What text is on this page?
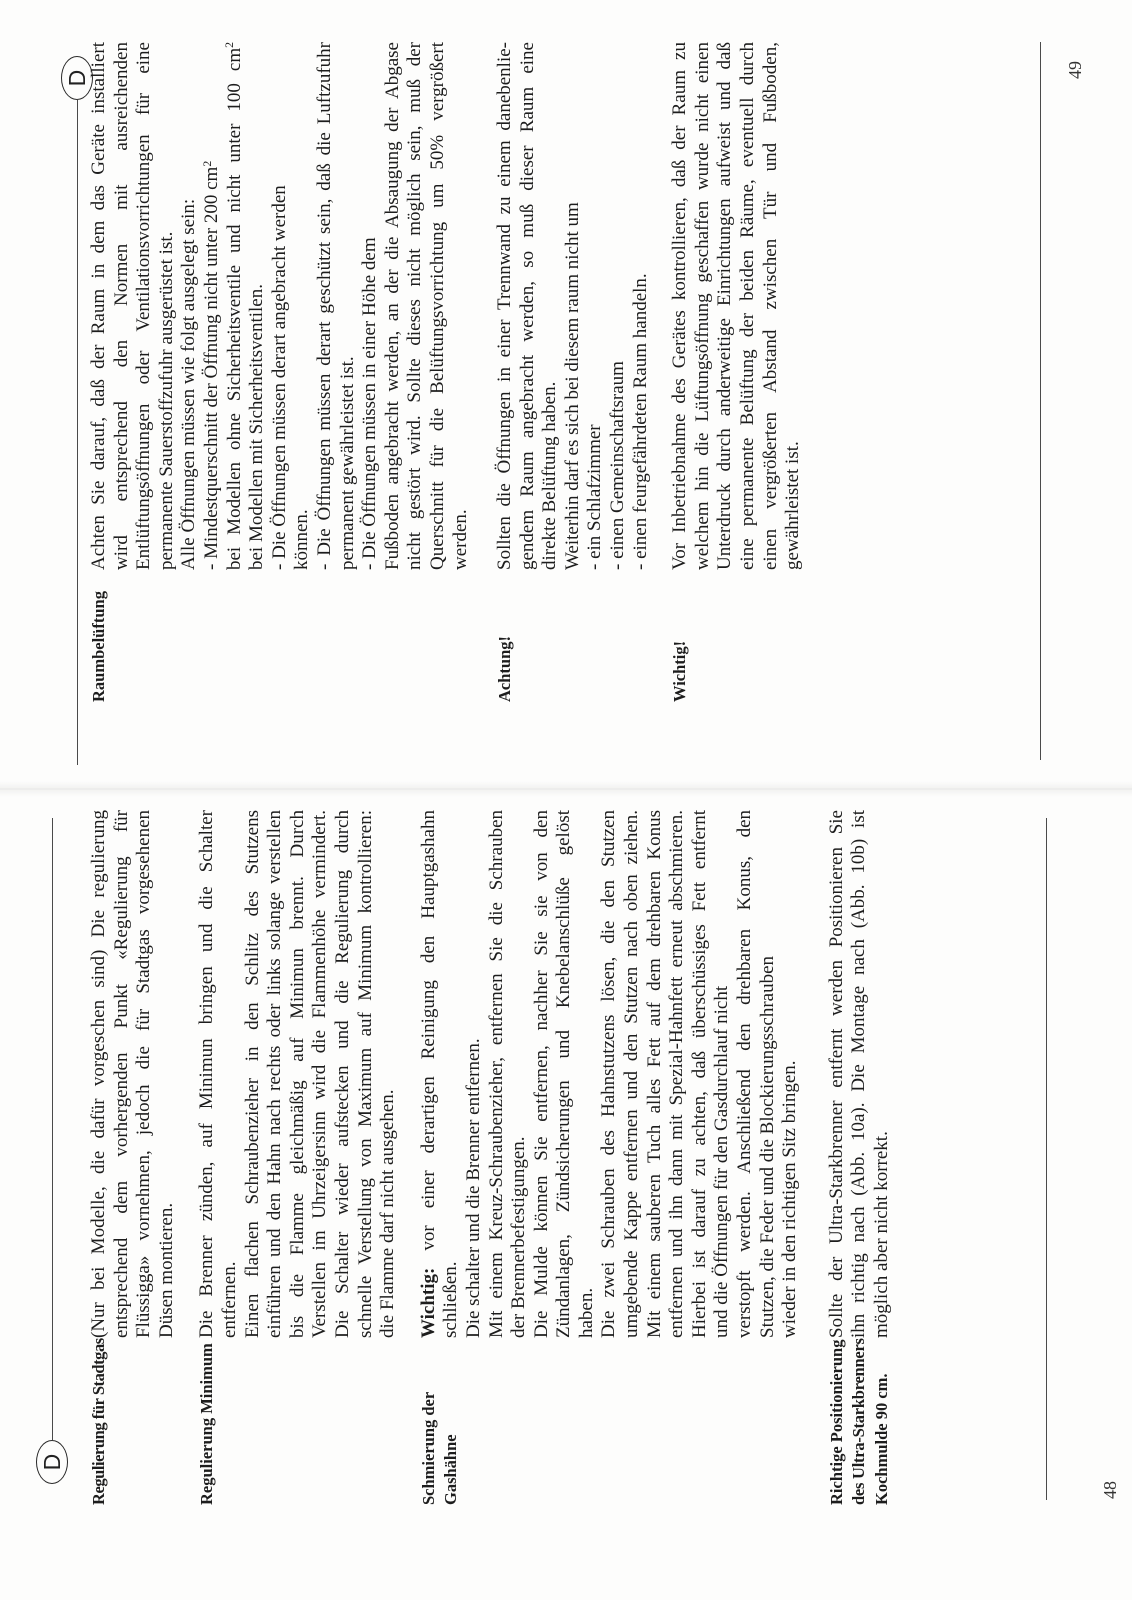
D Regulierung für Stadtgas
(Nur bei Modelle, die dafür vorgeschen sind) Die regulierung entsprechend dem vorhergenden Punkt «Regulierung für Flüssigga» vornehmen, jedoch die für Stadtgas vorgesehenen Düsen montieren.
Regulierung Minimum
Die Brenner zünden, auf Minimun bringen und die Schalter entfernen. Einen flachen Schraubenzieher in den Schlitz des Stutzens einführen und den Hahn nach rechts oder links solange verstellen bis die Flamme gleichmäßig auf Minimun brennt. Durch Verstellen im Uhrzeigersinn wird die Flammenhöhe vermindert. Die Schalter wieder aufstecken und die Regulierung durch schnelle Verstellung von Maximum auf Minimum kontrollieren: die Flamme darf nicht ausgehen.
Schmierung der Gashähne
Wichtig: vor einer derartigen Reinigung den Hauptgashahn
schließen. Die schalter und die Brenner entfernen. Mit einem Kreuz-Schraubenzieher, entfernen Sie die Schrauben der Brennerbefestigungen. Die Mulde können Sie entfernen, nachher Sie sie von den Zündanlagen, Zündsicherungen und Knebelanschlüße gelöst haben. Die zwei Schrauben des Hahnstutzens lösen, die den Stutzen umgebende Kappe entfernen und den Stutzen nach oben ziehen. Mit einem sauberen Tuch alles Fett auf dem drehbaren Konus entfernen und ihn dann mit Spezial-Hahnfett erneut abschmieren. Hierbei ist darauf zu achten, daß überschüssiges Fett entfernt und die Öffnungen für den Gasdurchlauf nicht verstopft werden. Anschließend den drehbaren Konus, den Stutzen, die Feder und die Blockierungsschrauben wieder in den richtigen Sitz bringen.
Richtige Positionierung des Ultra-Starkbrenners Kochmulde 90 cm.
Sollte der Ultra-Starkbrenner entfernt werden Positionieren Sie ihn richtig nach (Abb. 10a). Die Montage nach (Abb. 10b) ist möglich aber nicht korrekt.
48
D
Raumbelüftung
Achten Sie darauf, daß der Raum in dem das Geräte installiert wird entsprechend den Normen mit ausreichenden Entlüftungsöffnungen oder Ventilationsvorrichtungen für eine permanente Sauerstoffzufuhr ausgerüstet ist. Alle Öffnungen müssen wie folgt ausgelegt sein: - Mindestquerschnitt der Öffnung nicht unter 200 $cm^2$ bei Modellen ohne Sicherheitsventile und nicht unter 100 $cm^2$
bei Modellen mit Sicherheitsventilen. - Die Öffnungen müssen derart angebracht werden können. - Die Öffnungen müssen derart geschützt sein, daß die Luftzufuhr permanent gewährleistet ist. - Die Öffnungen müssen in einer Höhe dem Fußboden angebracht werden, an der die Absaugung der Abgase nicht gestört wird. Sollte dieses nicht möglich sein, muß der Querschnitt für die Belüftungsvorrichtung um 50% vergrößert werden.
Achtung!
Sollten die Öffnungen in einer Trennwand zu einem danebenlie- gendem Raum angebracht werden, so muß dieser Raum eine direkte Belüftung haben. Weiterhin darf es sich bei diesem raum nicht um - ein Schlafzimmer - einen Gemeinschaftsraum - einen feurgefährdeten Raum handeln.
Wichtig!
Vor Inbetriebnahme des Gerätes kontrollieren, daß der Raum zu welchem hin die Lüftungsöffnung geschaffen wurde nicht einen Unterdruck durch anderweitige Einrichtungen aufweist und daß eine permanente Belüftung der beiden Räume, eventuell durch einen vergrößerten Abstand zwischen Tür und Fußboden, gewährleistet ist.
49
